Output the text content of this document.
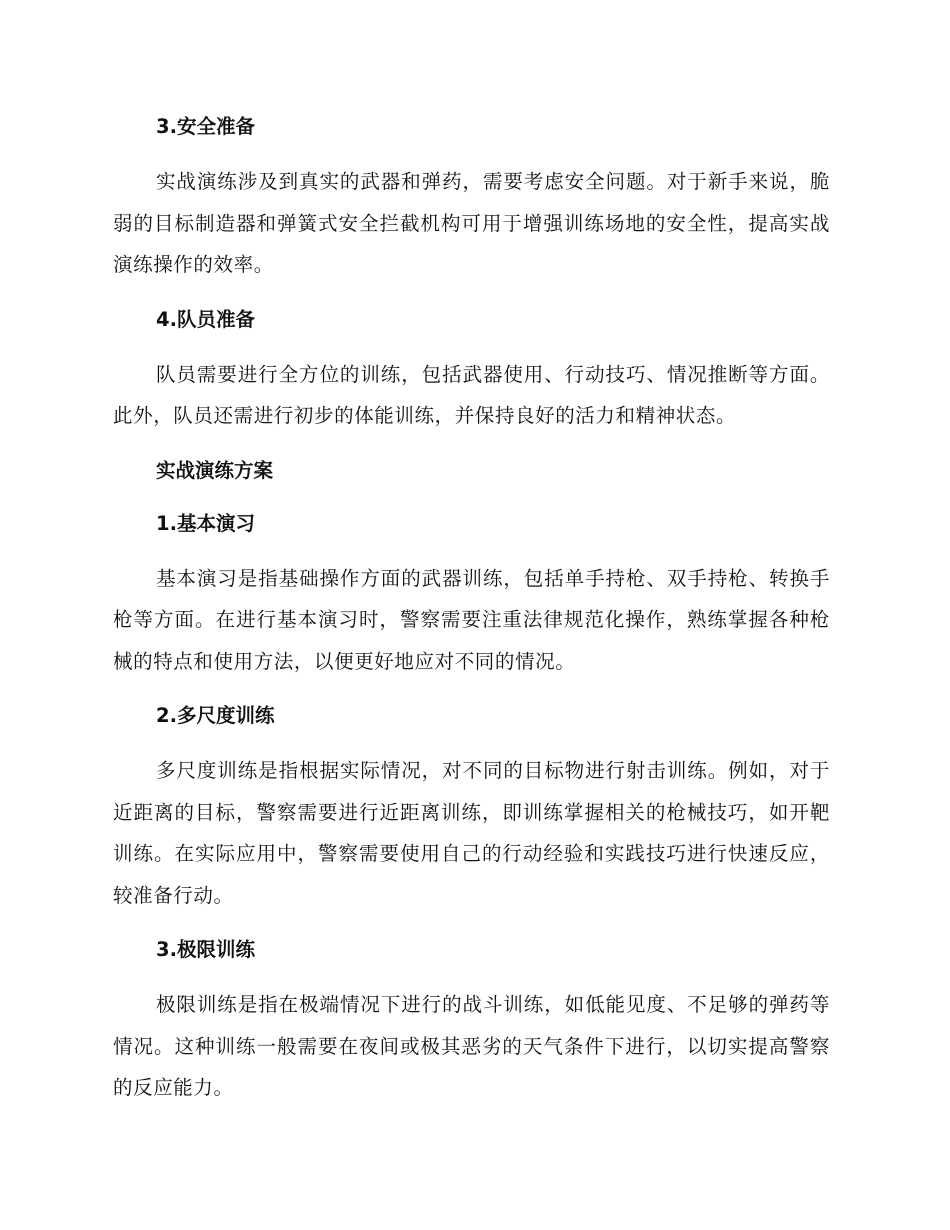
3.安全准备

实战演练涉及到真实的武器和弹药，需要考虑安全问题。对于新手来说，脆弱的目标制造器和弹簧式安全拦截机构可用于增强训练场地的安全性，提高实战演练操作的效率。

4.队员准备

队员需要进行全方位的训练，包括武器使用、行动技巧、情况推断等方面。此外，队员还需进行初步的体能训练，并保持良好的活力和精神状态。

实战演练方案
1.基本演习

基本演习是指基础操作方面的武器训练，包括单手持枪、双手持枪、转换手枪等方面。在进行基本演习时，警察需要注重法律规范化操作，熟练掌握各种枪械的特点和使用方法，以便更好地应对不同的情况。

2.多尺度训练

多尺度训练是指根据实际情况，对不同的目标物进行射击训练。例如，对于近距离的目标，警察需要进行近距离训练，即训练掌握相关的枪械技巧，如开靶训练。在实际应用中，警察需要使用自己的行动经验和实践技巧进行快速反应，较准备行动。

3.极限训练

极限训练是指在极端情况下进行的战斗训练，如低能见度、不足够的弹药等情况。这种训练一般需要在夜间或极其恶劣的天气条件下进行，以切实提高警察的反应能力。
